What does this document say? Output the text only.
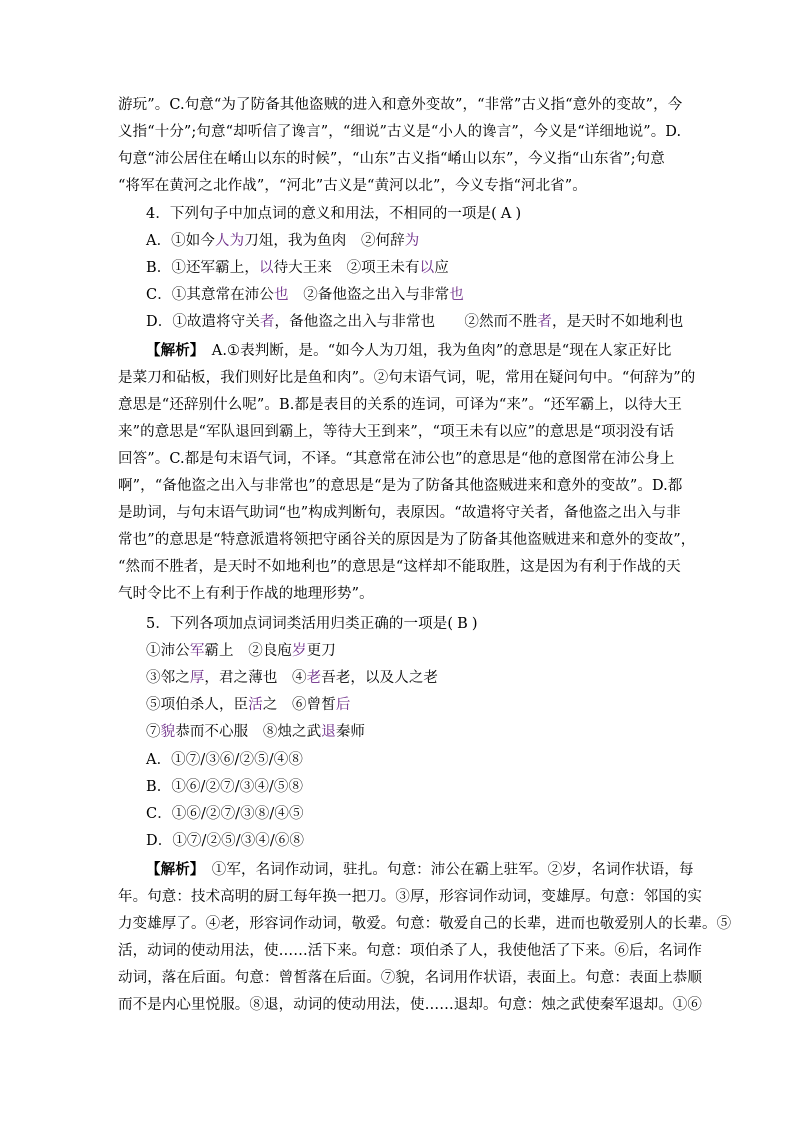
游玩”。C.句意“为了防备其他盗贼的进入和意外变故”，“非常”古义指“意外的变故”，今
义指“十分”;句意“却听信了谗言”，“细说”古义是“小人的谗言”，今义是“详细地说”。D.
句意“沛公居住在崤山以东的时候”，“山东”古义指“崤山以东”，今义指“山东省”;句意
“将军在黄河之北作战”，“河北”古义是“黄河以北”，今义专指“河北省”。
4．下列句子中加点词的意义和用法，不相同的一项是( A )
A．①如今人为刀俎，我为鱼肉　②何辞为
B．①还军霸上，以待大王来　②项王未有以应
C．①其意常在沛公也　②备他盗之出入与非常也
D．①故遣将守关者，备他盗之出入与非常也　　②然而不胜者，是天时不如地利也
【解析】　 A.①表判断，是。“如今人为刀俎，我为鱼肉”的意思是“现在人家正好比
是菜刀和砧板，我们则好比是鱼和肉”。②句末语气词，呢，常用在疑问句中。“何辞为”的
意思是“还辞别什么呢”。B.都是表目的关系的连词，可译为“来”。“还军霸上，以待大王
来”的意思是“军队退回到霸上，等待大王到来”，“项王未有以应”的意思是“项羽没有话
回答”。C.都是句末语气词，不译。“其意常在沛公也”的意思是“他的意图常在沛公身上
啊”，“备他盗之出入与非常也”的意思是“是为了防备其他盗贼进来和意外的变故”。D.都
是助词，与句末语气助词“也”构成判断句，表原因。“故遣将守关者，备他盗之出入与非
常也”的意思是“特意派遣将领把守函谷关的原因是为了防备其他盗贼进来和意外的变故”，
“然而不胜者，是天时不如地利也”的意思是“这样却不能取胜，这是因为有利于作战的天
气时令比不上有利于作战的地理形势”。
5．下列各项加点词词类活用归类正确的一项是( B )
①沛公军霸上　②良庖岁更刀
③邻之厚，君之薄也　④老吾老，以及人之老
⑤项伯杀人，臣活之　⑥曾皙后
⑦貌恭而不心服　⑧烛之武退秦师
A．①⑦/③⑥/②⑤/④⑧
B．①⑥/②⑦/③④/⑤⑧
C．①⑥/②⑦/③⑧/④⑤
D．①⑦/②⑤/③④/⑥⑧
【解析】　 ①军，名词作动词，驻扎。句意：沛公在霸上驻军。②岁，名词作状语，每
年。句意：技术高明的厨工每年换一把刀。③厚，形容词作动词，变雄厚。句意：邻国的实
力变雄厚了。④老，形容词作动词，敬爱。句意：敬爱自己的长辈，进而也敬爱别人的长辈。⑤
活，动词的使动用法，使……活下来。句意：项伯杀了人，我使他活了下来。⑥后，名词作
动词，落在后面。句意：曾皙落在后面。⑦貌，名词用作状语，表面上。句意：表面上恭顺
而不是内心里悦服。⑧退，动词的使动用法，使……退却。句意：烛之武使秦军退却。①⑥
